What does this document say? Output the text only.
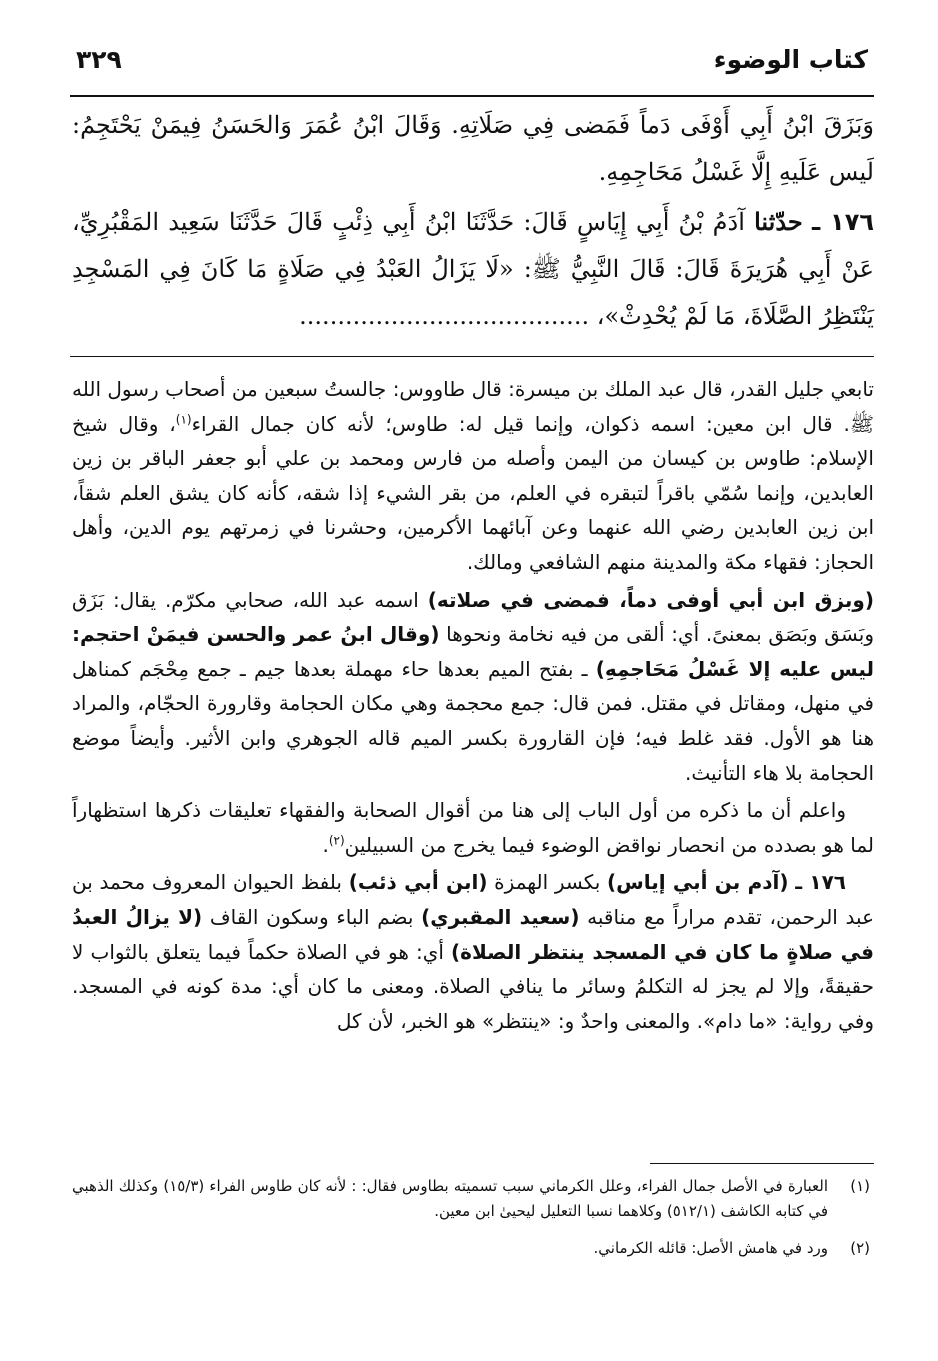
كتاب الوضوء
٣٢٩

وَبَزَقَ ابْنُ أَبِي أَوْفَى دَماً فَمَضى فِي صَلَاتِهِ. وَقَالَ ابْنُ عُمَرَ وَالحَسَنُ فِيمَنْ يَحْتَجِمُ: لَيس عَلَيهِ إِلَّا غَسْلُ مَحَاجِمِهِ.

١٧٦ ـ حدّثنا آدَمُ بْنُ أَبِي إِيَاسٍ قَالَ: حَدَّثَنَا ابْنُ أَبِي ذِئْبٍ قَالَ حَدَّثَنَا سَعِيد المَقْبُرِيِّ، عَنْ أَبِي هُرَيرَةَ قَالَ: قَالَ النَّبِيُّ ﷺ: «لَا يَزَالُ العَبْدُ فِي صَلَاةٍ مَا كَانَ فِي المَسْجِدِ يَنْتَظِرُ الصَّلَاةَ، مَا لَمْ يُحْدِثْ»، ......................................

تابعي جليل القدر، قال عبد الملك بن ميسرة: قال طاووس: جالستُ سبعين من أصحاب رسول الله ﷺ. قال ابن معين: اسمه ذكوان، وإنما قيل له: طاوس؛ لأنه كان جمال القراء$^{(١)}$، وقال شيخ الإسلام: طاوس بن كيسان من اليمن وأصله من فارس ومحمد بن علي أبو جعفر الباقر بن زين العابدين، وإنما سُمّي باقراً لتبقره في العلم، من بقر الشيء إذا شقه، كأنه كان يشق العلم شقاً، ابن زين العابدين رضي الله عنهما وعن آبائهما الأكرمين، وحشرنا في زمرتهم يوم الدين، وأهل الحجاز: فقهاء مكة والمدينة منهم الشافعي ومالك.

(وبزق ابن أبي أوفى دماً، فمضى في صلاته) اسمه عبد الله، صحابي مكرّم. يقال: بَزَق وبَسَق وبَصَق بمعنىً. أي: ألقى من فيه نخامة ونحوها (وقال ابنُ عمر والحسن فيمَنْ احتجم: ليس عليه إلا غَسْلُ مَحَاجمِهِ) ـ بفتح الميم بعدها حاء مهملة بعدها جيم ـ جمع مِحْجَم كمناهل في منهل، ومقاتل في مقتل. فمن قال: جمع محجمة وهي مكان الحجامة وقارورة الحجّام، والمراد هنا هو الأول. فقد غلط فيه؛ فإن القارورة بكسر الميم قاله الجوهري وابن الأثير. وأيضاً موضع الحجامة بلا هاء التأنيث.

واعلم أن ما ذكره من أول الباب إلى هنا من أقوال الصحابة والفقهاء تعليقات ذكرها استظهاراً لما هو بصدده من انحصار نواقض الوضوء فيما يخرج من السبيلين$^{(٢)}$.

١٧٦ ـ (آدم بن أبي إياس) بكسر الهمزة (ابن أبي ذئب) بلفظ الحيوان المعروف محمد بن عبد الرحمن، تقدم مراراً مع مناقبه (سعيد المقبري) بضم الباء وسكون القاف (لا يزالُ العبدُ في صلاةٍ ما كان في المسجد ينتظر الصلاة) أي: هو في الصلاة حكماً فيما يتعلق بالثواب لا حقيقةً، وإلا لم يجز له التكلمُ وسائر ما ينافي الصلاة. ومعنى ما كان أي: مدة كونه في المسجد. وفي رواية: «ما دام». والمعنى واحدٌ و: «ينتظر» هو الخبر، لأن كل

(١)
العبارة في الأصل جمال الفراء، وعلل الكرماني سبب تسميته بطاوس فقال: : لأنه كان طاوس الفراء (١٥/٣) وكذلك الذهبي في كتابه الكاشف (٥١٢/١) وكلاهما نسبا التعليل ليحيىٰ ابن معين.

(٢)
ورد في هامش الأصل: قائله الكرماني.
